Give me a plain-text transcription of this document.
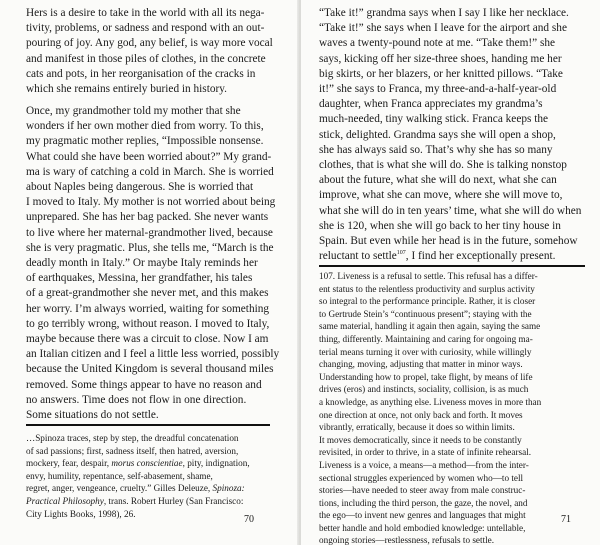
Hers is a desire to take in the world with all its nega-
tivity, problems, or sadness and respond with an out-
pouring of joy. Any god, any belief, is way more vocal
and manifest in those piles of clothes, in the concrete
cats and pots, in her reorganisation of the cracks in
which she remains entirely buried in history.

Once, my grandmother told my mother that she
wonders if her own mother died from worry. To this,
my pragmatic mother replies, “Impossible nonsense.
What could she have been worried about?” My grand-
ma is wary of catching a cold in March. She is worried
about Naples being dangerous. She is worried that
I moved to Italy. My mother is not worried about being
unprepared. She has her bag packed. She never wants
to live where her maternal-grandmother lived, because
she is very pragmatic. Plus, she tells me, “March is the
deadly month in Italy.” Or maybe Italy reminds her
of earthquakes, Messina, her grandfather, his tales
of a great-grandmother she never met, and this makes
her worry. I’m always worried, waiting for something
to go terribly wrong, without reason. I moved to Italy,
maybe because there was a circuit to close. Now I am
an Italian citizen and I feel a little less worried, possibly
because the United Kingdom is several thousand miles
removed. Some things appear to have no reason and
no answers. Time does not flow in one direction.
Some situations do not settle.

…Spinoza traces, step by step, the dreadful concatenation
of sad passions; first, sadness itself, then hatred, aversion,
mockery, fear, despair, morus conscientiae, pity, indignation,
envy, humility, repentance, self-abasement, shame,
regret, anger, vengeance, cruelty.” Gilles Deleuze, Spinoza:
Practical Philosophy, trans. Robert Hurley (San Francisco:
City Lights Books, 1998), 26.

70

“Take it!” grandma says when I say I like her necklace.
“Take it!” she says when I leave for the airport and she
waves a twenty-pound note at me. “Take them!” she
says, kicking off her size-three shoes, handing me her
big skirts, or her blazers, or her knitted pillows. “Take
it!” she says to Franca, my three-and-a-half-year-old
daughter, when Franca appreciates my grandma’s
much-needed, tiny walking stick. Franca keeps the
stick, delighted. Grandma says she will open a shop,
she has always said so. That’s why she has so many
clothes, that is what she will do. She is talking nonstop
about the future, what she will do next, what she can
improve, what she can move, where she will move to,
what she will do in ten years’ time, what she will do when
she is 120, when she will go back to her tiny house in
Spain. But even while her head is in the future, somehow
reluctant to settle$^{107}$, I find her exceptionally present.

107. Liveness is a refusal to settle. This refusal has a differ-
ent status to the relentless productivity and surplus activity
so integral to the performance principle. Rather, it is closer
to Gertrude Stein’s “continuous present”; staying with the
same material, handling it again then again, saying the same
thing, differently. Maintaining and caring for ongoing ma-
terial means turning it over with curiosity, while willingly
changing, moving, adjusting that matter in minor ways.
Understanding how to propel, take flight, by means of life
drives (eros) and instincts, sociality, collision, is as much
a knowledge, as anything else. Liveness moves in more than
one direction at once, not only back and forth. It moves
vibrantly, erratically, because it does so within limits.
It moves democratically, since it needs to be constantly
revisited, in order to thrive, in a state of infinite rehearsal.
Liveness is a voice, a means—a method—from the inter-
sectional struggles experienced by women who—to tell
stories—have needed to steer away from male construc-
tions, including the third person, the gaze, the novel, and
the ego—to invent new genres and languages that might
better handle and hold embodied knowledge: untellable,
ongoing stories—restlessness, refusals to settle.

71
